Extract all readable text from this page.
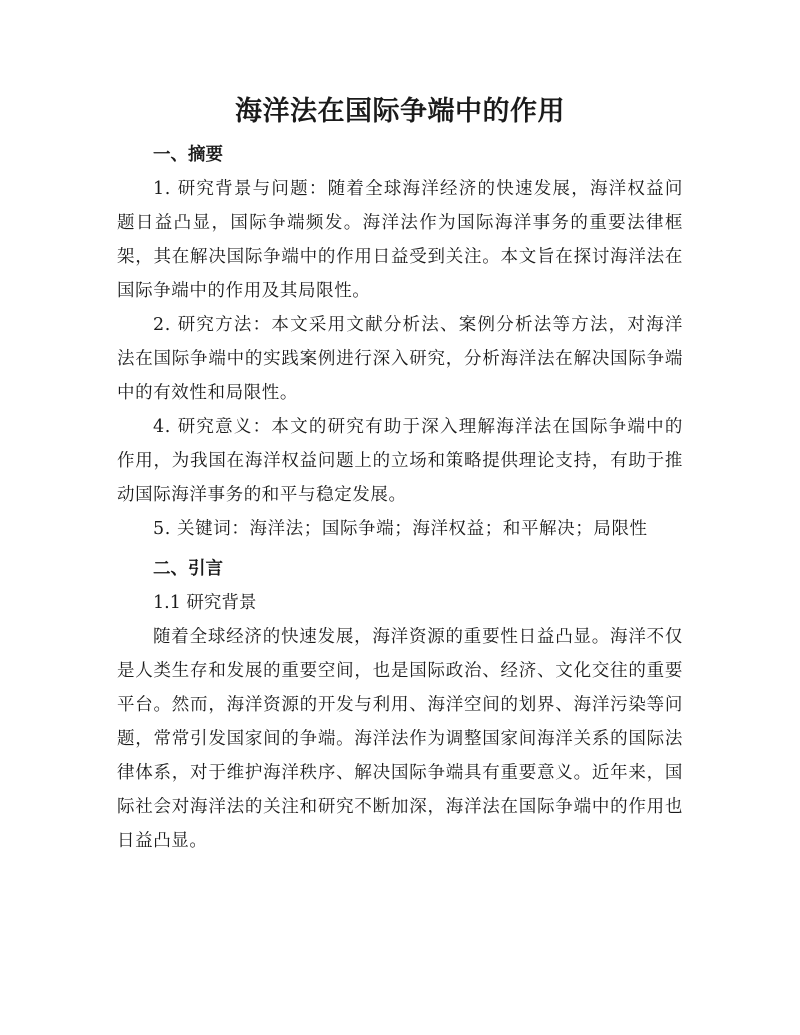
海洋法在国际争端中的作用
一、摘要

1. 研究背景与问题：随着全球海洋经济的快速发展，海洋权益问题日益凸显，国际争端频发。海洋法作为国际海洋事务的重要法律框架，其在解决国际争端中的作用日益受到关注。本文旨在探讨海洋法在国际争端中的作用及其局限性。

2. 研究方法：本文采用文献分析法、案例分析法等方法，对海洋法在国际争端中的实践案例进行深入研究，分析海洋法在解决国际争端中的有效性和局限性。

4. 研究意义：本文的研究有助于深入理解海洋法在国际争端中的作用，为我国在海洋权益问题上的立场和策略提供理论支持，有助于推动国际海洋事务的和平与稳定发展。

5. 关键词：海洋法；国际争端；海洋权益；和平解决；局限性

二、引言

1.1 研究背景

随着全球经济的快速发展，海洋资源的重要性日益凸显。海洋不仅是人类生存和发展的重要空间，也是国际政治、经济、文化交往的重要平台。然而，海洋资源的开发与利用、海洋空间的划界、海洋污染等问题，常常引发国家间的争端。海洋法作为调整国家间海洋关系的国际法律体系，对于维护海洋秩序、解决国际争端具有重要意义。近年来，国际社会对海洋法的关注和研究不断加深，海洋法在国际争端中的作用也日益凸显。
